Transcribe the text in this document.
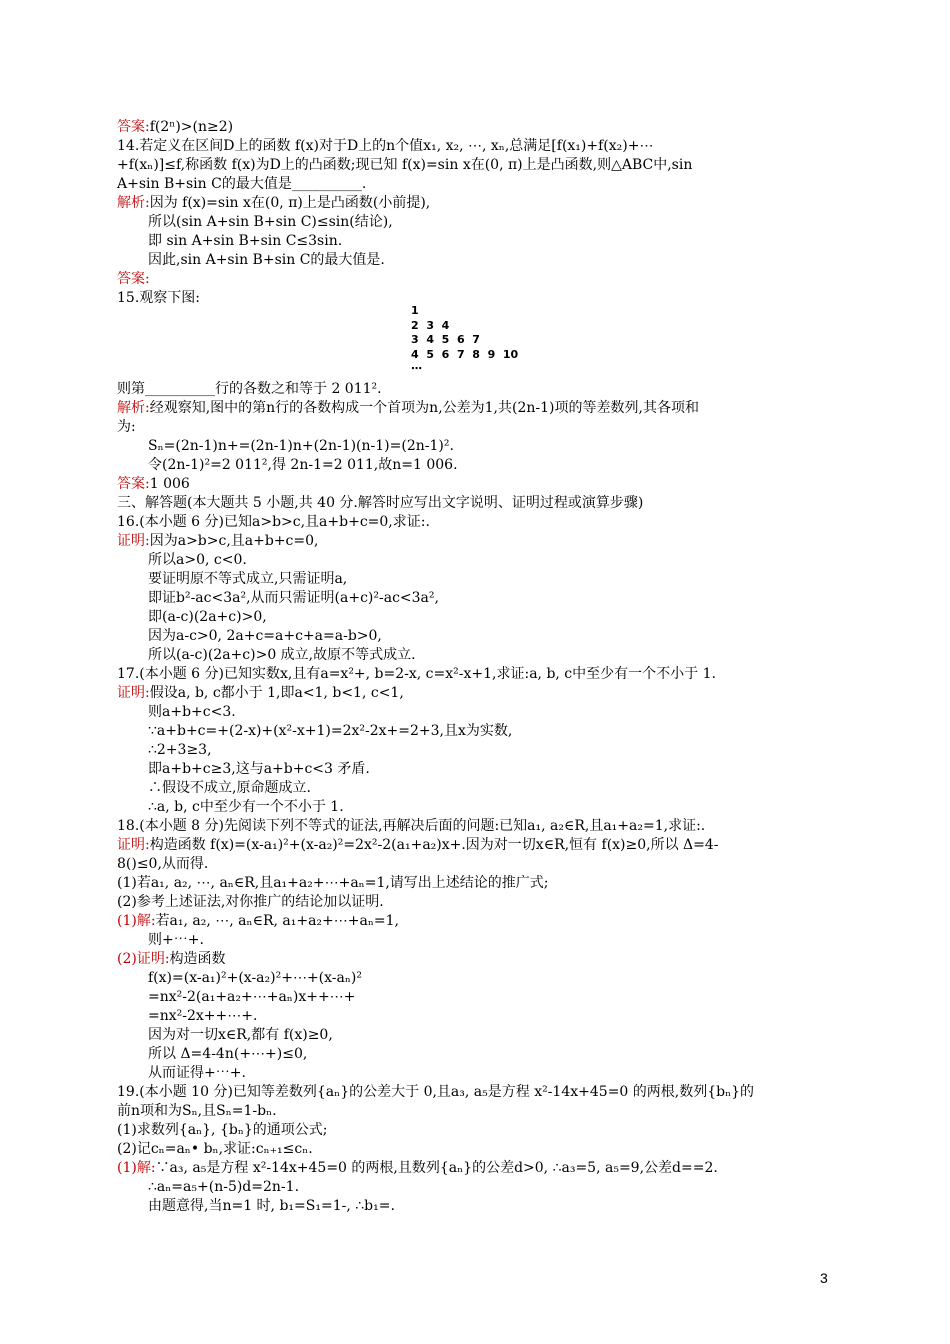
答案:f(2ⁿ)>(n≥2)
14.若定义在区间D上的函数 f(x)对于D上的n个值x₁, x₂, ⋯, xₙ,总满足[f(x₁)+f(x₂)+⋯
+f(xₙ)]≤f,称函数 f(x)为D上的凸函数;现已知 f(x)=sin x在(0, π)上是凸函数,则△ABC中,sin
A+sin B+sin C的最大值是__________.
解析:因为 f(x)=sin x在(0, π)上是凸函数(小前提),
所以(sin A+sin B+sin C)≤sin(结论),
即 sin A+sin B+sin C≤3sin.
因此,sin A+sin B+sin C的最大值是.
答案:
15.观察下图:
则第__________行的各数之和等于 2 011².
解析:经观察知,图中的第n行的各数构成一个首项为n,公差为1,共(2n-1)项的等差数列,其各项和
为:
Sₙ=(2n-1)n+=(2n-1)n+(2n-1)(n-1)=(2n-1)².
令(2n-1)²=2 011²,得 2n-1=2 011,故n=1 006.
答案:1 006
三、解答题(本大题共 5 小题,共 40 分.解答时应写出文字说明、证明过程或演算步骤)
16.(本小题 6 分)已知a>b>c,且a+b+c=0,求证:.
证明:因为a>b>c,且a+b+c=0,
所以a>0, c<0.
要证明原不等式成立,只需证明a,
即证b²-ac<3a²,从而只需证明(a+c)²-ac<3a²,
即(a-c)(2a+c)>0,
因为a-c>0, 2a+c=a+c+a=a-b>0,
所以(a-c)(2a+c)>0 成立,故原不等式成立.
17.(本小题 6 分)已知实数x,且有a=x²+, b=2-x, c=x²-x+1,求证:a, b, c中至少有一个不小于 1.
证明:假设a, b, c都小于 1,即a<1, b<1, c<1,
则a+b+c<3.
∵a+b+c=+(2-x)+(x²-x+1)=2x²-2x+=2+3,且x为实数,
∴2+3≥3,
即a+b+c≥3,这与a+b+c<3 矛盾.
∴假设不成立,原命题成立.
∴a, b, c中至少有一个不小于 1.
18.(本小题 8 分)先阅读下列不等式的证法,再解决后面的问题:已知a₁, a₂∈R,且a₁+a₂=1,求证:.
证明:构造函数 f(x)=(x-a₁)²+(x-a₂)²=2x²-2(a₁+a₂)x+.因为对一切x∈R,恒有 f(x)≥0,所以 Δ=4-
8()≤0,从而得.
(1)若a₁, a₂, ⋯, aₙ∈R,且a₁+a₂+⋯+aₙ=1,请写出上述结论的推广式;
(2)参考上述证法,对你推广的结论加以证明.
(1)解:若a₁, a₂, ⋯, aₙ∈R, a₁+a₂+⋯+aₙ=1,
则+⋯+.
(2)证明:构造函数
f(x)=(x-a₁)²+(x-a₂)²+⋯+(x-aₙ)²
=nx²-2(a₁+a₂+⋯+aₙ)x++⋯+
=nx²-2x++⋯+.
因为对一切x∈R,都有 f(x)≥0,
所以 Δ=4-4n(+⋯+)≤0,
从而证得+⋯+.
19.(本小题 10 分)已知等差数列{aₙ}的公差大于 0,且a₃, a₅是方程 x²-14x+45=0 的两根,数列{bₙ}的
前n项和为Sₙ,且Sₙ=1-bₙ.
(1)求数列{aₙ}, {bₙ}的通项公式;
(2)记cₙ=aₙ• bₙ,求证:cₙ₊₁≤cₙ.
(1)解:∵a₃, a₅是方程 x²-14x+45=0 的两根,且数列{aₙ}的公差d>0, ∴a₃=5, a₅=9,公差d==2.
∴aₙ=a₅+(n-5)d=2n-1.
由题意得,当n=1 时, b₁=S₁=1-, ∴b₁=.
1
2  3  4
3  4  5  6  7
4  5  6  7  8  9  10
⋯
3
